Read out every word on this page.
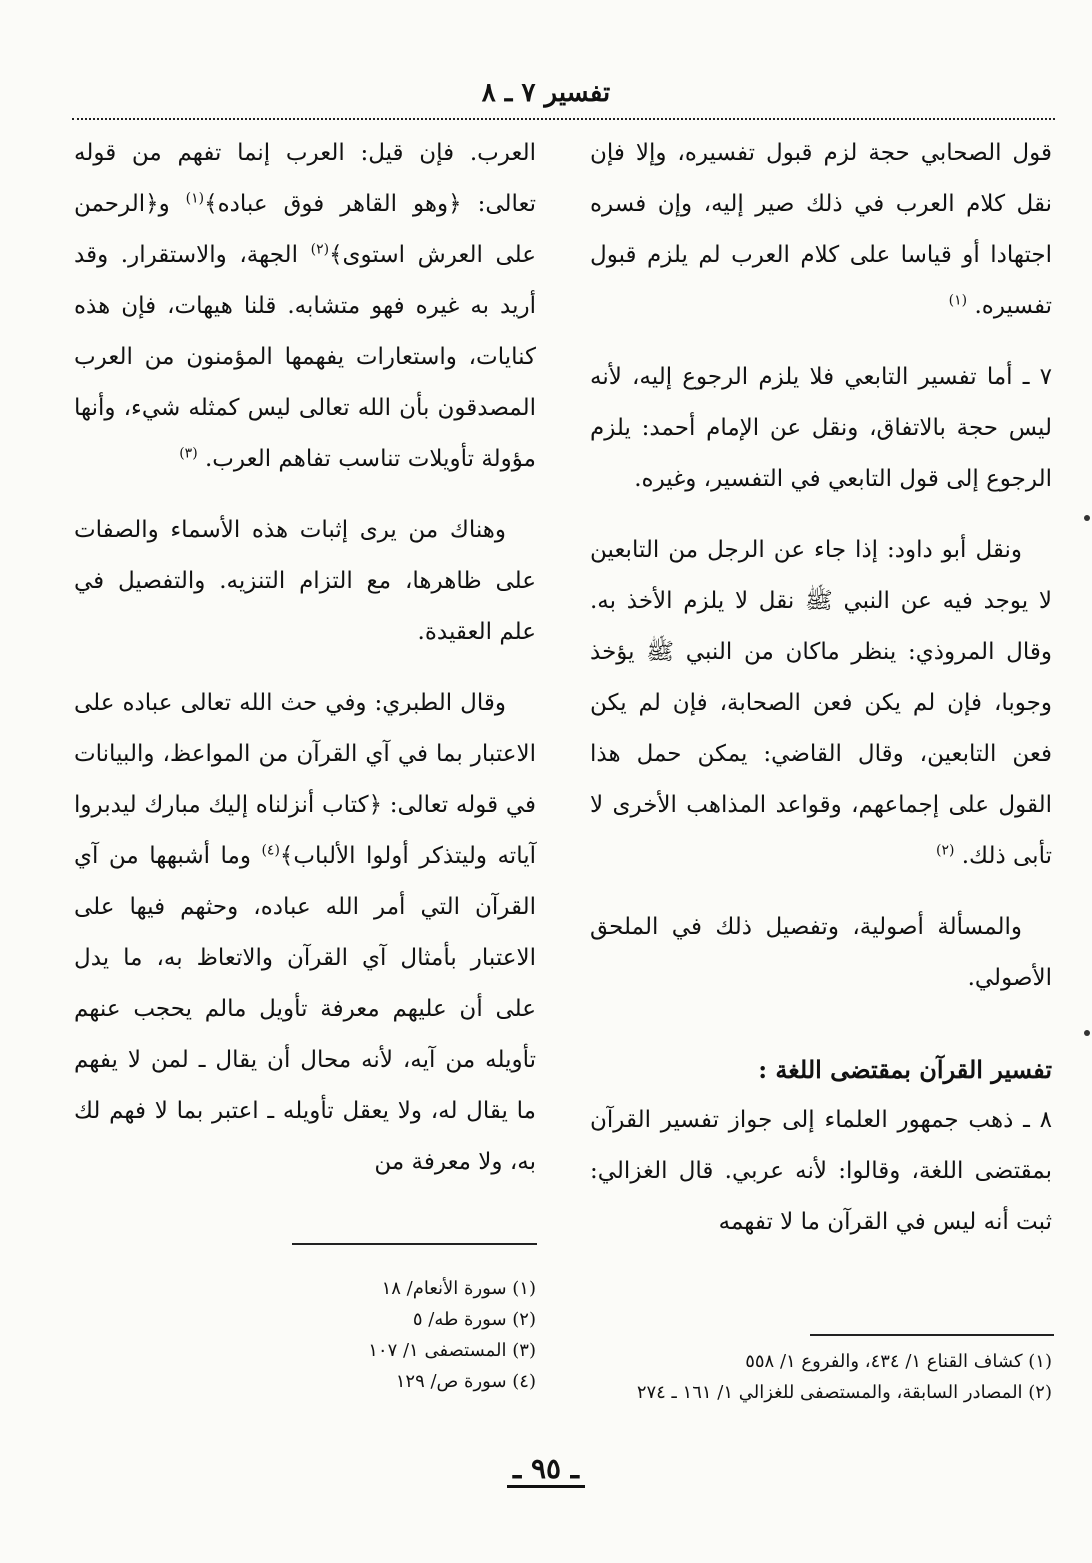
تفسير ٧ ـ ٨

قول الصحابي حجة لزم قبول تفسيره، وإلا فإن نقل كلام العرب في ذلك صير إليه، وإن فسره اجتهادا أو قياسا على كلام العرب لم يلزم قبول تفسيره. $^{(١)}$

٧ ـ أما تفسير التابعي فلا يلزم الرجوع إليه، لأنه ليس حجة بالاتفاق، ونقل عن الإمام أحمد: يلزم الرجوع إلى قول التابعي في التفسير، وغيره.

ونقل أبو داود: إذا جاء عن الرجل من التابعين لا يوجد فيه عن النبي ﷺ نقل لا يلزم الأخذ به. وقال المروذي: ينظر ماكان من النبي ﷺ يؤخذ وجوبا، فإن لم يكن فعن الصحابة، فإن لم يكن فعن التابعين، وقال القاضي: يمكن حمل هذا القول على إجماعهم، وقواعد المذاهب الأخرى لا تأبى ذلك. $^{(٢)}$

والمسألة أصولية، وتفصيل ذلك في الملحق الأصولي.

تفسير القرآن بمقتضى اللغة :

٨ ـ ذهب جمهور العلماء إلى جواز تفسير القرآن بمقتضى اللغة، وقالوا: لأنه عربي. قال الغزالي: ثبت أنه ليس في القرآن ما لا تفهمه

العرب. فإن قيل: العرب إنما تفهم من قوله تعالى: ﴿وهو القاهر فوق عباده﴾$^{(١)}$ و﴿الرحمن على العرش استوى﴾$^{(٢)}$ الجهة، والاستقرار. وقد أريد به غيره فهو متشابه. قلنا هيهات، فإن هذه كنايات، واستعارات يفهمها المؤمنون من العرب المصدقون بأن الله تعالى ليس كمثله شيء، وأنها مؤولة تأويلات تناسب تفاهم العرب. $^{(٣)}$

وهناك من يرى إثبات هذه الأسماء والصفات على ظاهرها، مع التزام التنزيه. والتفصيل في علم العقيدة.

وقال الطبري: وفي حث الله تعالى عباده على الاعتبار بما في آي القرآن من المواعظ، والبيانات في قوله تعالى: ﴿كتاب أنزلناه إليك مبارك ليدبروا آياته وليتذكر أولوا الألباب﴾$^{(٤)}$ وما أشبهها من آي القرآن التي أمر الله عباده، وحثهم فيها على الاعتبار بأمثال آي القرآن والاتعاظ به، ما يدل على أن عليهم معرفة تأويل مالم يحجب عنهم تأويله من آيه، لأنه محال أن يقال ـ لمن لا يفهم ما يقال له، ولا يعقل تأويله ـ اعتبر بما لا فهم لك به، ولا معرفة من

(١) سورة الأنعام/ ١٨
(٢) سورة طه/ ٥
(٣) المستصفى ١/ ١٠٧
(٤) سورة ص/ ١٢٩
(١) كشاف القناع ١/ ٤٣٤، والفروع ١/ ٥٥٨
(٢) المصادر السابقة، والمستصفى للغزالي ١/ ١٦١ ـ ٢٧٤
ـ ٩٥ ـ
